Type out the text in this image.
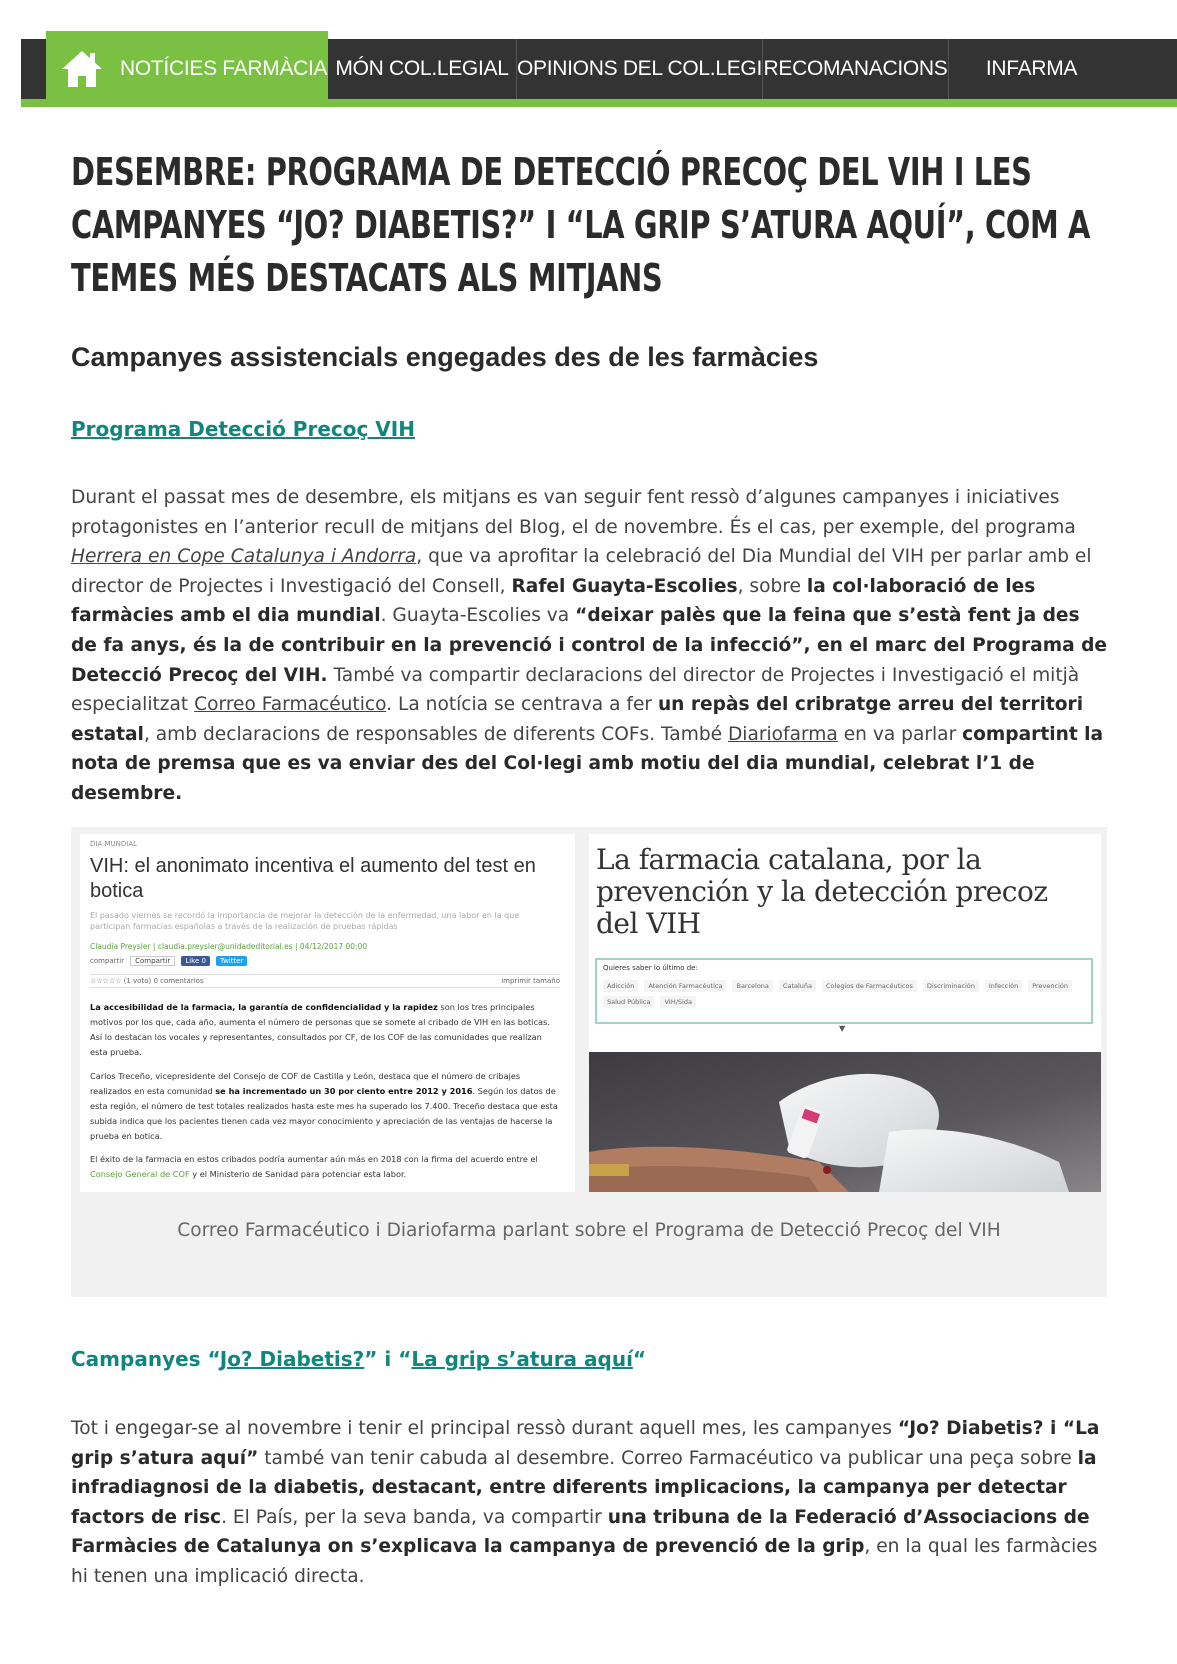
NOTÍCIES FARMÀCIA MÓN COL.LEGIAL OPINIONS DEL COL.LEGI RECOMANACIONS INFARMA
DESEMBRE: PROGRAMA DE DETECCIÓ PRECOÇ DEL VIH I LES CAMPANYES “JO? DIABETIS?” I “LA GRIP S’ATURA AQUÍ”, COM A TEMES MÉS DESTACATS ALS MITJANS
Campanyes assistencials engegades des de les farmàcies
Programa Detecció Precoç VIH

Durant el passat mes de desembre, els mitjans es van seguir fent ressò d’algunes campanyes i iniciatives protagonistes en l’anterior recull de mitjans del Blog, el de novembre. És el cas, per exemple, del programa Herrera en Cope Catalunya i Andorra, que va aprofitar la celebració del Dia Mundial del VIH per parlar amb el director de Projectes i Investigació del Consell, Rafel Guayta-Escolies, sobre la col·laboració de les farmàcies amb el dia mundial. Guayta-Escolies va “deixar palès que la feina que s’està fent ja des de fa anys, és la de contribuir en la prevenció i control de la infecció”, en el marc del Programa de Detecció Precoç del VIH. També va compartir declaracions del director de Projectes i Investigació el mitjà especialitzat Correo Farmacéutico. La notícia se centrava a fer un repàs del cribratge arreu del territori estatal, amb declaracions de responsables de diferents COFs. També Diariofarma en va parlar compartint la nota de premsa que es va enviar des del Col·legi amb motiu del dia mundial, celebrat l’1 de desembre.

DIA MUNDIAL
VIH: el anonimato incentiva el aumento del test en botica
El pasado viernes se recordó la importancia de mejorar la detección de la enfermedad, una labor en la que participan farmacias españolas a través de la realización de pruebas rápidas
Claudia Preysler | claudia.preysler@unidadeditorial.es | 04/12/2017 00:00
compartir	Compartir	Like 0	Twitter
☆☆☆☆☆ (1 voto) 0 comentarios	imprimir tamaño
La accesibilidad de la farmacia, la garantía de confidencialidad y la rapidez son los tres principales motivos por los que, cada año, aumenta el número de personas que se somete al cribado de VIH en las boticas. Así lo destacan los vocales y representantes, consultados por CF, de los COF de las comunidades que realizan esta prueba.
Carlos Treceño, vicepresidente del Consejo de COF de Castilla y León, destaca que el número de cribajes realizados en esta comunidad se ha incrementado un 30 por ciento entre 2012 y 2016. Según los datos de esta región, el número de test totales realizados hasta este mes ha superado los 7.400. Treceño destaca que esta subida indica que los pacientes tienen cada vez mayor conocimiento y apreciación de las ventajas de hacerse la prueba en botica.
El éxito de la farmacia en estos cribados podría aumentar aún más en 2018 con la firma del acuerdo entre el Consejo General de COF y el Ministerio de Sanidad para potenciar esta labor.
La farmacia catalana, por la prevención y la detección precoz del VIH
Quieres saber lo último de:
Adicción	Atención Farmacéutica	Barcelona	Cataluña	Colegios de Farmacéuticos	Discriminación	Infección	Prevención
Salud Pública	VIH/Sida
▼
Correo Farmacéutico i Diariofarma parlant sobre el Programa de Detecció Precoç del VIH
Campanyes “Jo? Diabetis?” i “La grip s’atura aquí“

Tot i engegar-se al novembre i tenir el principal ressò durant aquell mes, les campanyes “Jo? Diabetis? i “La grip s’atura aquí” també van tenir cabuda al desembre. Correo Farmacéutico va publicar una peça sobre la infradiagnosi de la diabetis, destacant, entre diferents implicacions, la campanya per detectar factors de risc. El País, per la seva banda, va compartir una tribuna de la Federació d’Associacions de Farmàcies de Catalunya on s’explicava la campanya de prevenció de la grip, en la qual les farmàcies hi tenen una implicació directa.
